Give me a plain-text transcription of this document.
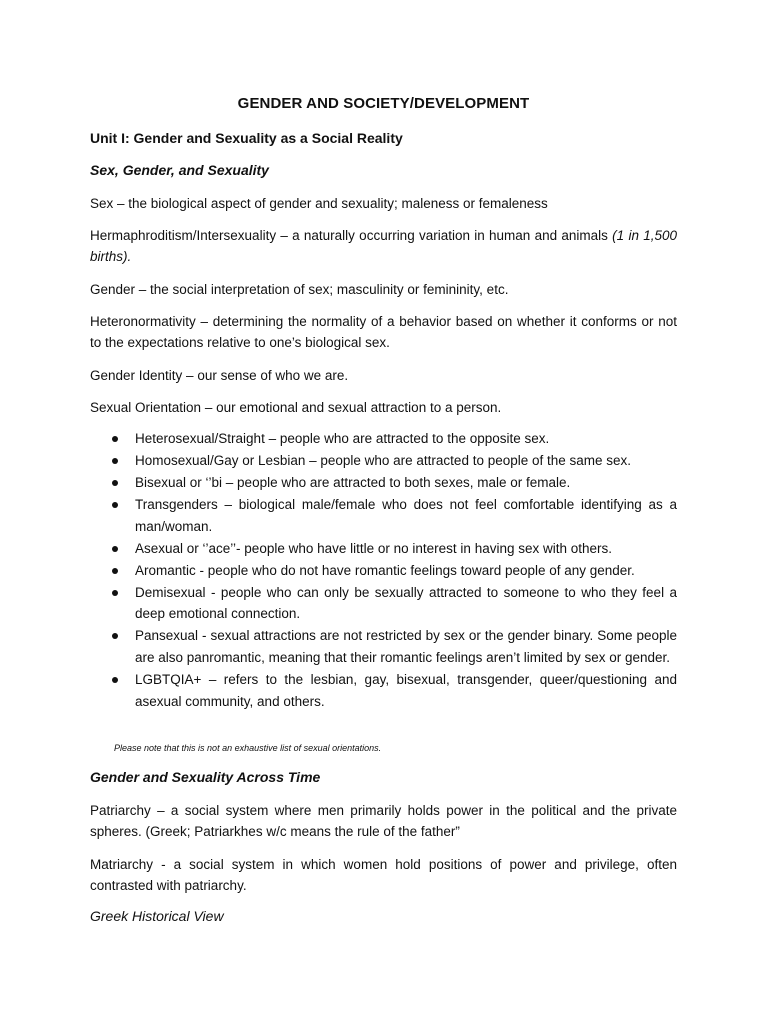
GENDER AND SOCIETY/DEVELOPMENT
Unit I: Gender and Sexuality as a Social Reality
Sex, Gender, and Sexuality
Sex – the biological aspect of gender and sexuality; maleness or femaleness
Hermaphroditism/Intersexuality – a naturally occurring variation in human and animals (1 in 1,500 births).
Gender – the social interpretation of sex; masculinity or femininity, etc.
Heteronormativity – determining the normality of a behavior based on whether it conforms or not to the expectations relative to one’s biological sex.
Gender Identity – our sense of who we are.
Sexual Orientation – our emotional and sexual attraction to a person.
Heterosexual/Straight – people who are attracted to the opposite sex.
Homosexual/Gay or Lesbian – people who are attracted to people of the same sex.
Bisexual or ‘’bi – people who are attracted to both sexes, male or female.
Transgenders – biological male/female who does not feel comfortable identifying as a man/woman.
Asexual or ‘’ace’’- people who have little or no interest in having sex with others.
Aromantic - people who do not have romantic feelings toward people of any gender.
Demisexual - people who can only be sexually attracted to someone to who they feel a deep emotional connection.
Pansexual - sexual attractions are not restricted by sex or the gender binary. Some people are also panromantic, meaning that their romantic feelings aren’t limited by sex or gender.
LGBTQIA+ – refers to the lesbian, gay, bisexual, transgender, queer/questioning and asexual community, and others.
Please note that this is not an exhaustive list of sexual orientations.
Gender and Sexuality Across Time
Patriarchy – a social system where men primarily holds power in the political and the private spheres. (Greek; Patriarkhes w/c means the rule of the father”
Matriarchy - a social system in which women hold positions of power and privilege, often contrasted with patriarchy.
Greek Historical View
